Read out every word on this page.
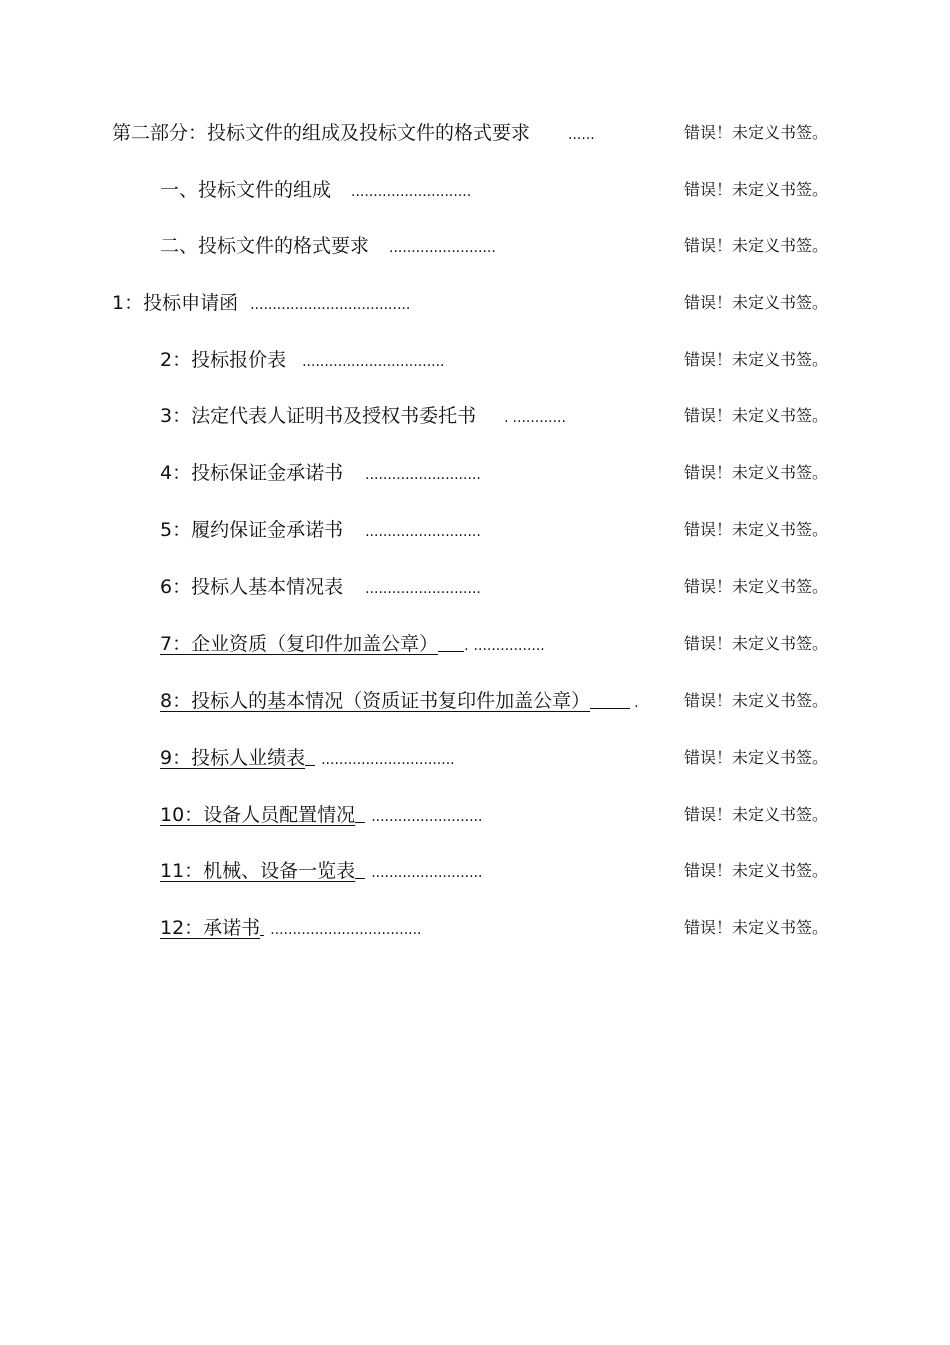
第二部分：投标文件的组成及投标文件的格式要求	......	错误！未定义书签。
一、投标文件的组成 ...........................	错误！未定义书签。
二、投标文件的格式要求 ........................	错误！未定义书签。
1：投标申请函 ....................................	错误！未定义书签。
2：投标报价表 ................................	错误！未定义书签。
3：法定代表人证明书及授权书委托书 . ............	错误！未定义书签。
4：投标保证金承诺书 ..........................	错误！未定义书签。
5：履约保证金承诺书 ..........................	错误！未定义书签。
6：投标人基本情况表 ..........................	错误！未定义书签。
7：企业资质（复印件加盖公章） . ................	错误！未定义书签。
8：投标人的基本情况（资质证书复印件加盖公章）	.	错误！未定义书签。
9：投标人业绩表 ..............................	错误！未定义书签。
10：设备人员配置情况 .........................	错误！未定义书签。
11：机械、设备一览表 .........................	错误！未定义书签。
12：承诺书 ..................................	错误！未定义书签。
